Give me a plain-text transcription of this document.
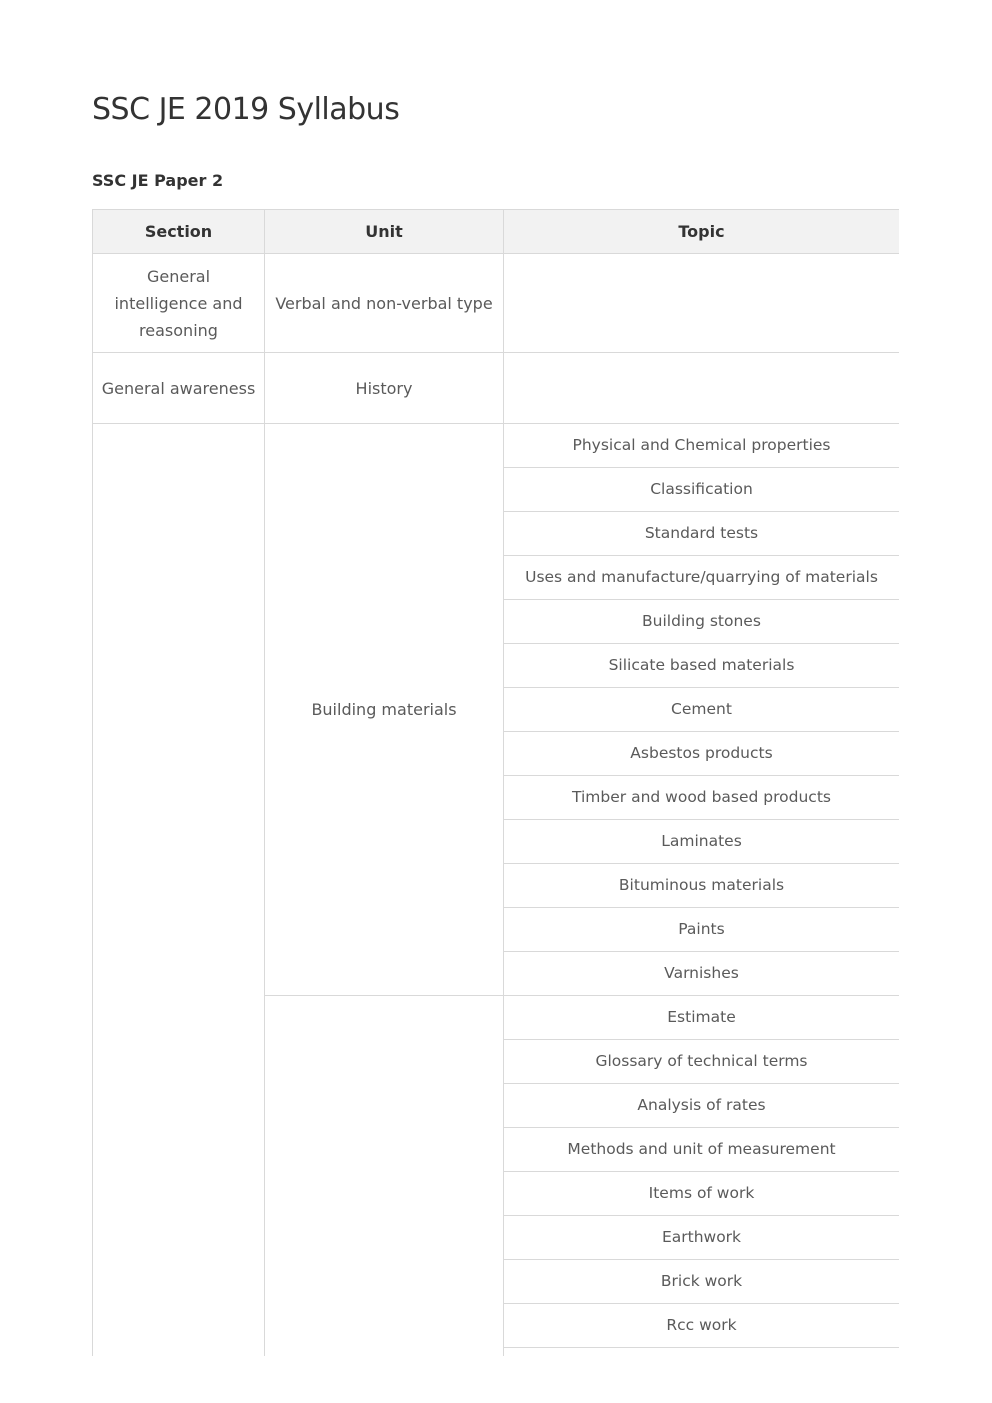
SSC JE 2019 Syllabus
SSC JE Paper 2
Section	Unit	Topic
General intelligence and reasoning	Verbal and non-verbal type	
General awareness	History	
	Building materials	Physical and Chemical properties
		Classification
		Standard tests
		Uses and manufacture/quarrying of materials
		Building stones
		Silicate based materials
		Cement
		Asbestos products
		Timber and wood based products
		Laminates
		Bituminous materials
		Paints
		Varnishes
		Estimate
		Glossary of technical terms
		Analysis of rates
		Methods and unit of measurement
		Items of work
		Earthwork
		Brick work
		Rcc work
